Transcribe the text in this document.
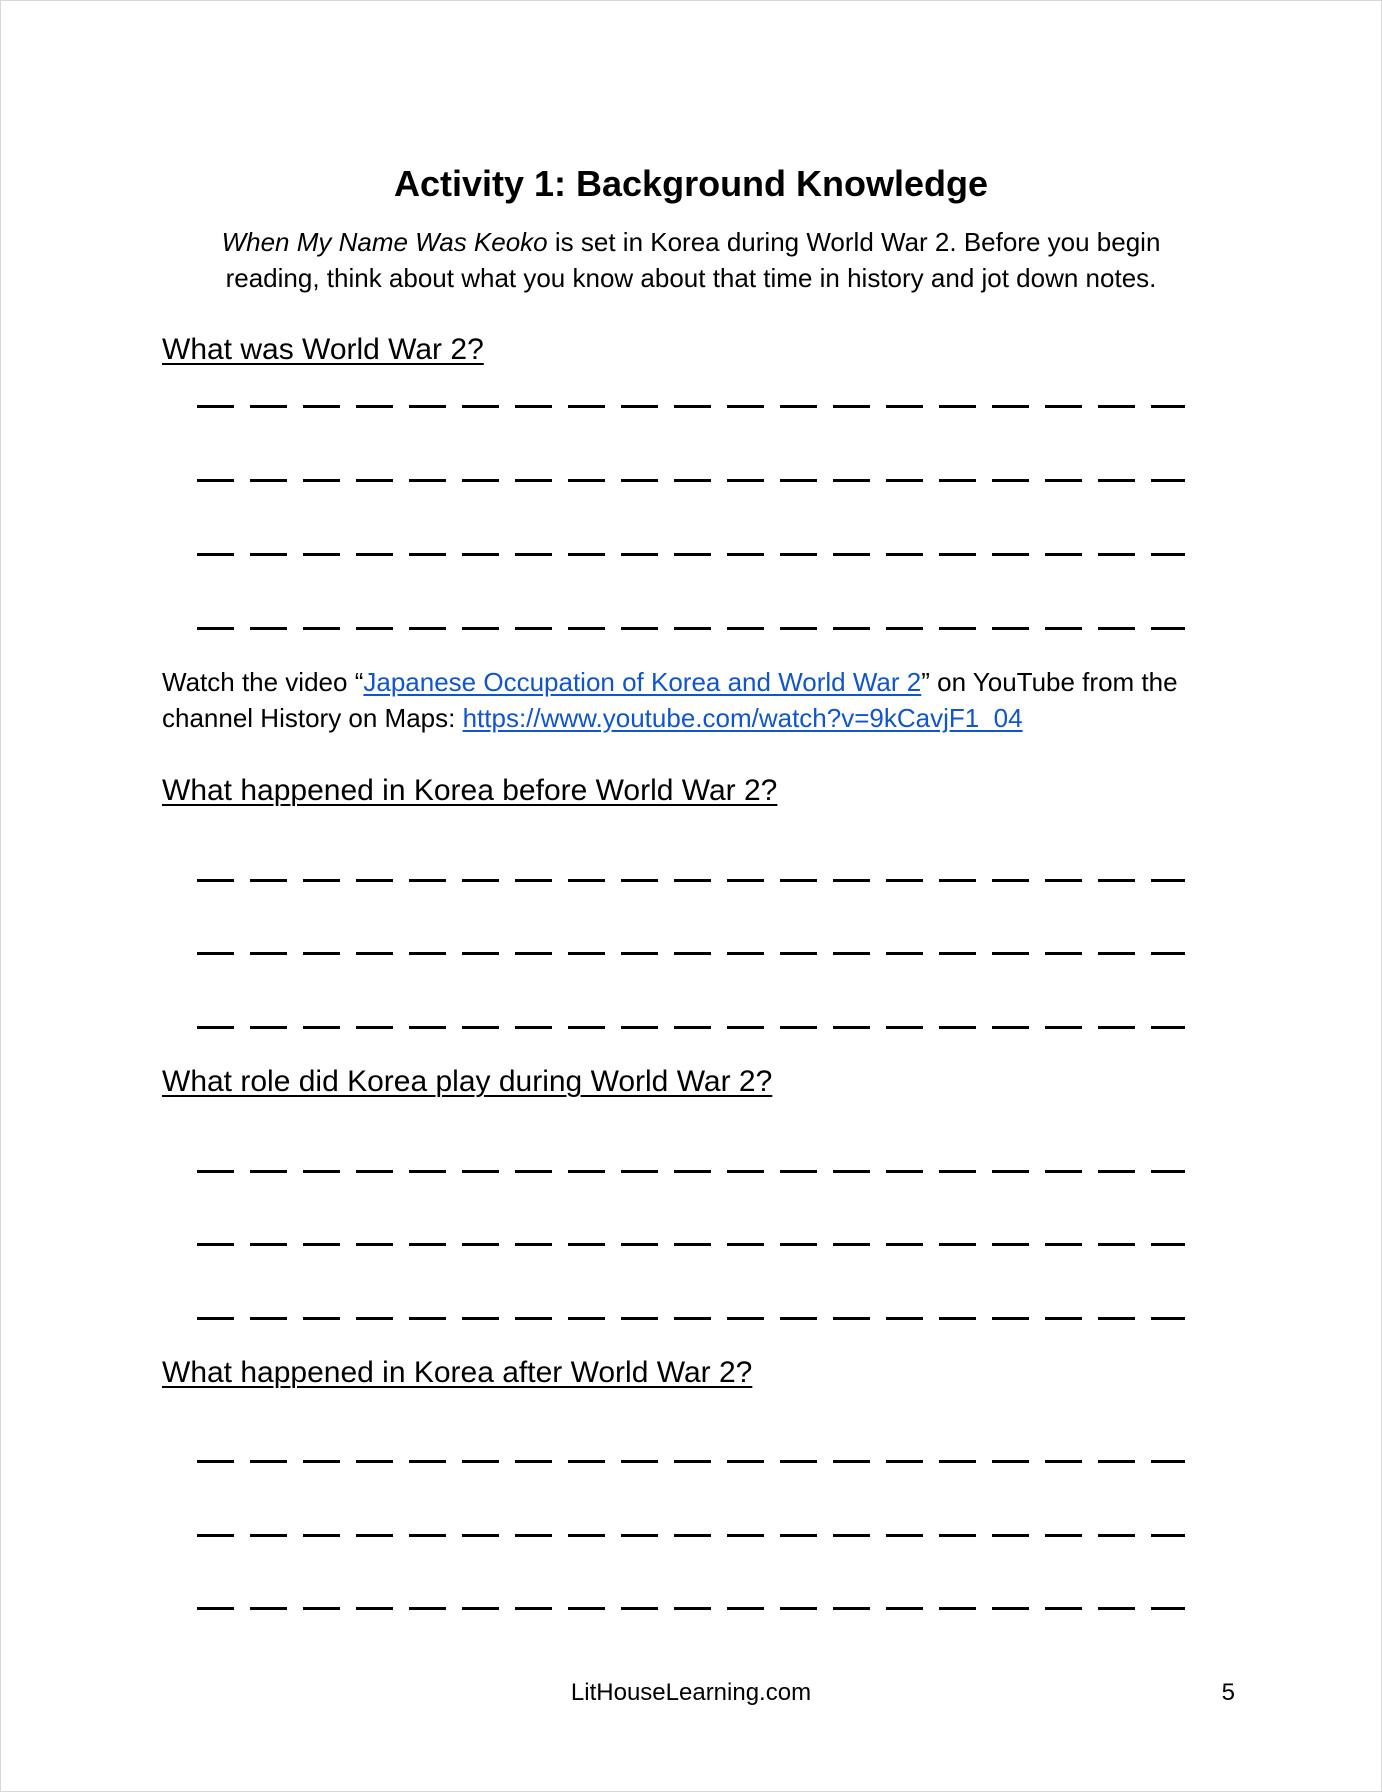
Activity 1: Background Knowledge

When My Name Was Keoko is set in Korea during World War 2. Before you begin
reading, think about what you know about that time in history and jot down notes.

What was World War 2?

Watch the video “Japanese Occupation of Korea and World War 2” on YouTube from the channel History on Maps: https://www.youtube.com/watch?v=9kCavjF1_04

What happened in Korea before World War 2?

What role did Korea play during World War 2?

What happened in Korea after World War 2?

LitHouseLearning.com	5
